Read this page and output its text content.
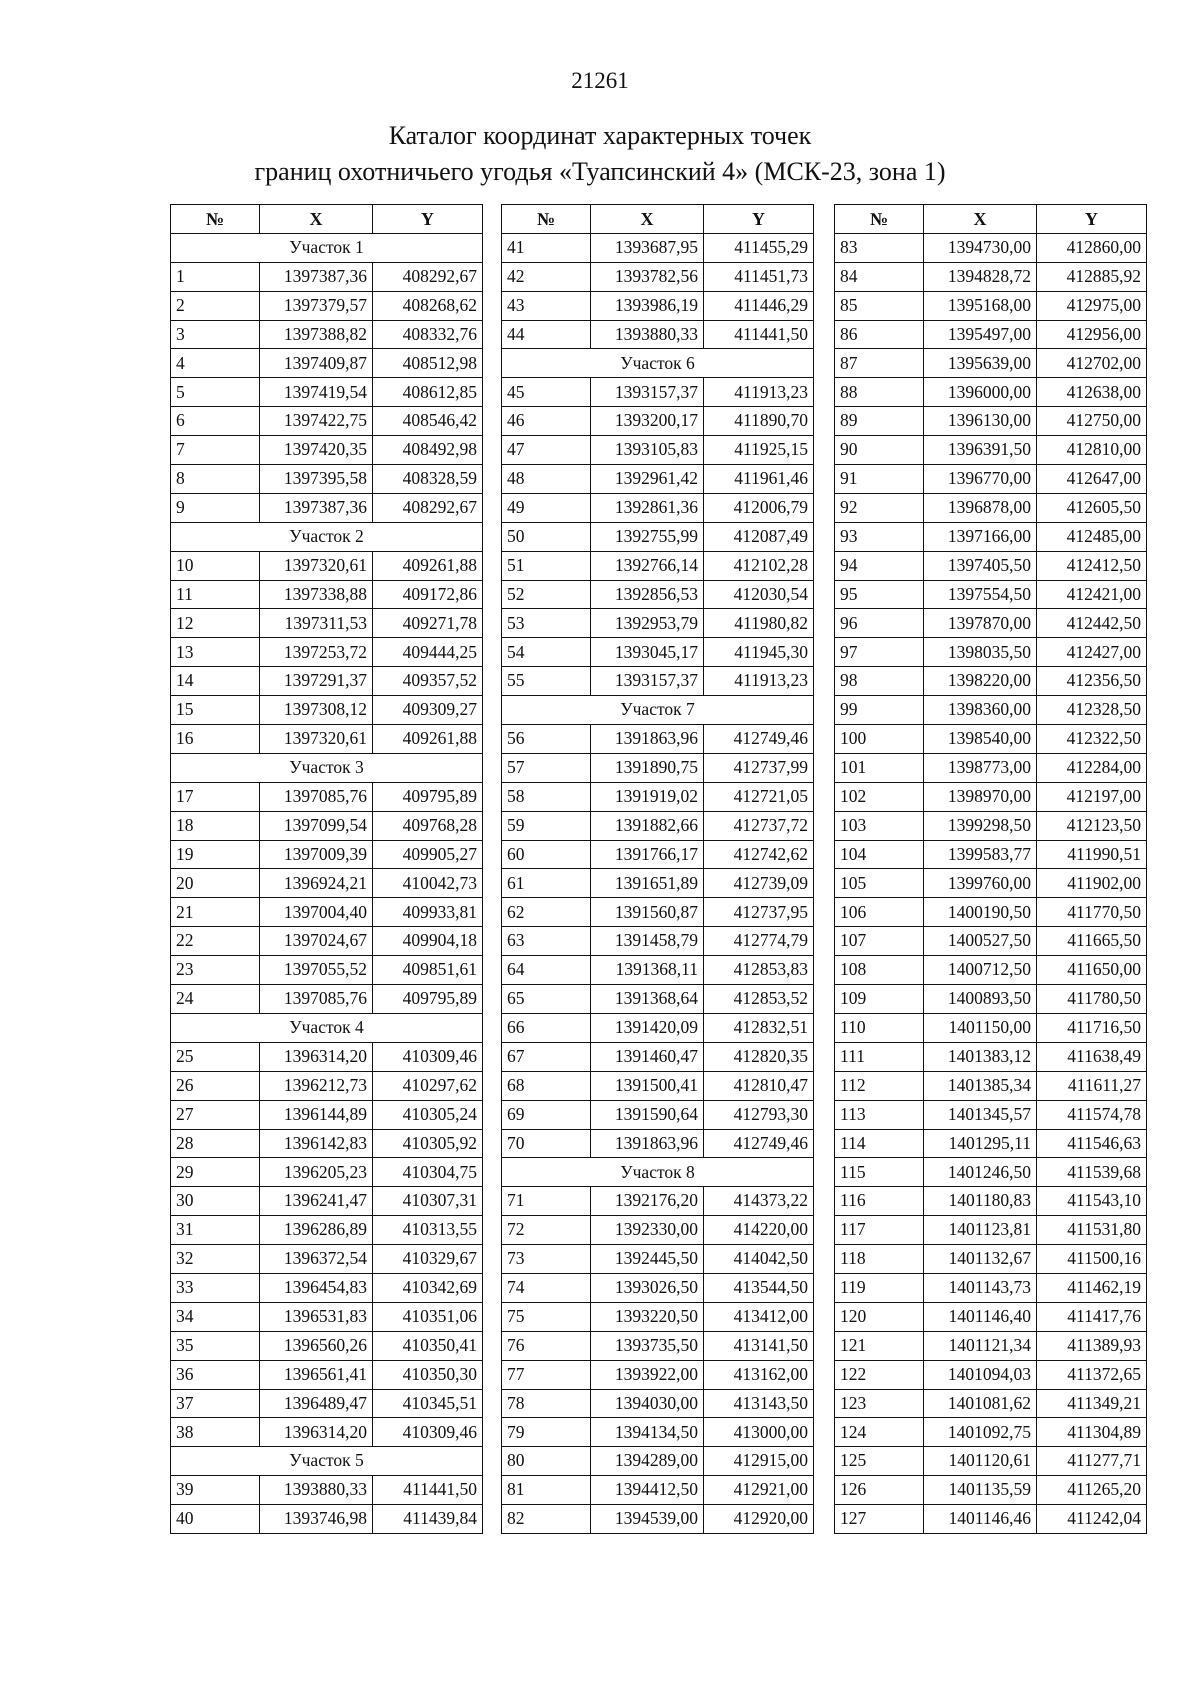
21261
Каталог координат характерных точек
границ охотничьего угодья «Туапсинский 4» (МСК-23, зона 1)
№	X	Y
Участок 1		
1	1397387,36	408292,67
2	1397379,57	408268,62
3	1397388,82	408332,76
4	1397409,87	408512,98
5	1397419,54	408612,85
6	1397422,75	408546,42
7	1397420,35	408492,98
8	1397395,58	408328,59
9	1397387,36	408292,67
Участок 2		
10	1397320,61	409261,88
11	1397338,88	409172,86
12	1397311,53	409271,78
13	1397253,72	409444,25
14	1397291,37	409357,52
15	1397308,12	409309,27
16	1397320,61	409261,88
Участок 3		
17	1397085,76	409795,89
18	1397099,54	409768,28
19	1397009,39	409905,27
20	1396924,21	410042,73
21	1397004,40	409933,81
22	1397024,67	409904,18
23	1397055,52	409851,61
24	1397085,76	409795,89
Участок 4		
25	1396314,20	410309,46
26	1396212,73	410297,62
27	1396144,89	410305,24
28	1396142,83	410305,92
29	1396205,23	410304,75
30	1396241,47	410307,31
31	1396286,89	410313,55
32	1396372,54	410329,67
33	1396454,83	410342,69
34	1396531,83	410351,06
35	1396560,26	410350,41
36	1396561,41	410350,30
37	1396489,47	410345,51
38	1396314,20	410309,46
Участок 5		
39	1393880,33	411441,50
40	1393746,98	411439,84
№	X	Y
41	1393687,95	411455,29
42	1393782,56	411451,73
43	1393986,19	411446,29
44	1393880,33	411441,50
Участок 6		
45	1393157,37	411913,23
46	1393200,17	411890,70
47	1393105,83	411925,15
48	1392961,42	411961,46
49	1392861,36	412006,79
50	1392755,99	412087,49
51	1392766,14	412102,28
52	1392856,53	412030,54
53	1392953,79	411980,82
54	1393045,17	411945,30
55	1393157,37	411913,23
Участок 7		
56	1391863,96	412749,46
57	1391890,75	412737,99
58	1391919,02	412721,05
59	1391882,66	412737,72
60	1391766,17	412742,62
61	1391651,89	412739,09
62	1391560,87	412737,95
63	1391458,79	412774,79
64	1391368,11	412853,83
65	1391368,64	412853,52
66	1391420,09	412832,51
67	1391460,47	412820,35
68	1391500,41	412810,47
69	1391590,64	412793,30
70	1391863,96	412749,46
Участок 8		
71	1392176,20	414373,22
72	1392330,00	414220,00
73	1392445,50	414042,50
74	1393026,50	413544,50
75	1393220,50	413412,00
76	1393735,50	413141,50
77	1393922,00	413162,00
78	1394030,00	413143,50
79	1394134,50	413000,00
80	1394289,00	412915,00
81	1394412,50	412921,00
82	1394539,00	412920,00
№	X	Y
83	1394730,00	412860,00
84	1394828,72	412885,92
85	1395168,00	412975,00
86	1395497,00	412956,00
87	1395639,00	412702,00
88	1396000,00	412638,00
89	1396130,00	412750,00
90	1396391,50	412810,00
91	1396770,00	412647,00
92	1396878,00	412605,50
93	1397166,00	412485,00
94	1397405,50	412412,50
95	1397554,50	412421,00
96	1397870,00	412442,50
97	1398035,50	412427,00
98	1398220,00	412356,50
99	1398360,00	412328,50
100	1398540,00	412322,50
101	1398773,00	412284,00
102	1398970,00	412197,00
103	1399298,50	412123,50
104	1399583,77	411990,51
105	1399760,00	411902,00
106	1400190,50	411770,50
107	1400527,50	411665,50
108	1400712,50	411650,00
109	1400893,50	411780,50
110	1401150,00	411716,50
111	1401383,12	411638,49
112	1401385,34	411611,27
113	1401345,57	411574,78
114	1401295,11	411546,63
115	1401246,50	411539,68
116	1401180,83	411543,10
117	1401123,81	411531,80
118	1401132,67	411500,16
119	1401143,73	411462,19
120	1401146,40	411417,76
121	1401121,34	411389,93
122	1401094,03	411372,65
123	1401081,62	411349,21
124	1401092,75	411304,89
125	1401120,61	411277,71
126	1401135,59	411265,20
127	1401146,46	411242,04
